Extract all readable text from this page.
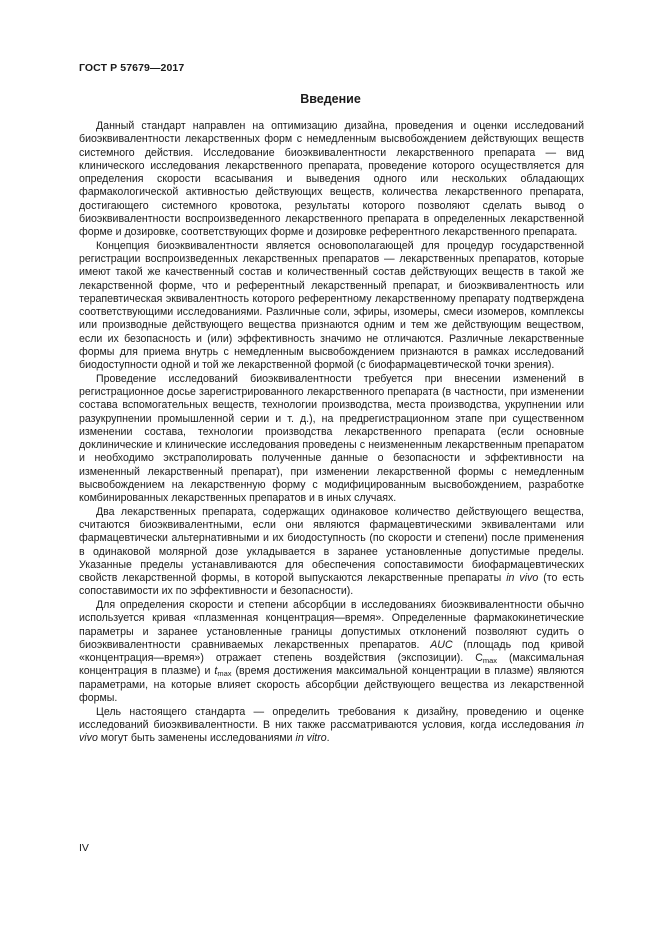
ГОСТ Р 57679—2017
Введение

Данный стандарт направлен на оптимизацию дизайна, проведения и оценки исследований биоэквивалентности лекарственных форм с немедленным высвобождением действующих веществ системного действия. Исследование биоэквивалентности лекарственного препарата — вид клинического исследования лекарственного препарата, проведение которого осуществляется для определения скорости всасывания и выведения одного или нескольких обладающих фармакологической активностью действующих веществ, количества лекарственного препарата, достигающего системного кровотока, результаты которого позволяют сделать вывод о биоэквивалентности воспроизведенного лекарственного препарата в определенных лекарственной форме и дозировке, соответствующих форме и дозировке референтного лекарственного препарата.

Концепция биоэквивалентности является основополагающей для процедур государственной регистрации воспроизведенных лекарственных препаратов — лекарственных препаратов, которые имеют такой же качественный состав и количественный состав действующих веществ в такой же лекарственной форме, что и референтный лекарственный препарат, и биоэквивалентность или терапевтическая эквивалентность которого референтному лекарственному препарату подтверждена соответствующими исследованиями. Различные соли, эфиры, изомеры, смеси изомеров, комплексы или производные действующего вещества признаются одним и тем же действующим веществом, если их безопасность и (или) эффективность значимо не отличаются. Различные лекарственные формы для приема внутрь с немедленным высвобождением признаются в рамках исследований биодоступности одной и той же лекарственной формой (с биофармацевтической точки зрения).

Проведение исследований биоэквивалентности требуется при внесении изменений в регистрационное досье зарегистрированного лекарственного препарата (в частности, при изменении состава вспомогательных веществ, технологии производства, места производства, укрупнении или разукрупнении промышленной серии и т. д.), на предрегистрационном этапе при существенном изменении состава, технологии производства лекарственного препарата (если основные доклинические и клинические исследования проведены с неизмененным лекарственным препаратом и необходимо экстраполировать полученные данные о безопасности и эффективности на измененный лекарственный препарат), при изменении лекарственной формы с немедленным высвобождением на лекарственную форму с модифицированным высвобождением, разработке комбинированных лекарственных препаратов и в иных случаях.

Два лекарственных препарата, содержащих одинаковое количество действующего вещества, считаются биоэквивалентными, если они являются фармацевтическими эквивалентами или фармацевтически альтернативными и их биодоступность (по скорости и степени) после применения в одинаковой молярной дозе укладывается в заранее установленные допустимые пределы. Указанные пределы устанавливаются для обеспечения сопоставимости биофармацевтических свойств лекарственной формы, в которой выпускаются лекарственные препараты in vivo (то есть сопоставимости их по эффективности и безопасности).

Для определения скорости и степени абсорбции в исследованиях биоэквивалентности обычно используется кривая «плазменная концентрация—время». Определенные фармакокинетические параметры и заранее установленные границы допустимых отклонений позволяют судить о биоэквивалентности сравниваемых лекарственных препаратов. AUC (площадь под кривой «концентрация—время») отражает степень воздействия (экспозиции). $C_{max}$ (максимальная концентрация в плазме) и $t_{max}$ (время достижения максимальной концентрации в плазме) являются параметрами, на которые влияет скорость абсорбции действующего вещества из лекарственной формы.

Цель настоящего стандарта — определить требования к дизайну, проведению и оценке исследований биоэквивалентности. В них также рассматриваются условия, когда исследования in vivo могут быть заменены исследованиями in vitro.

IV
